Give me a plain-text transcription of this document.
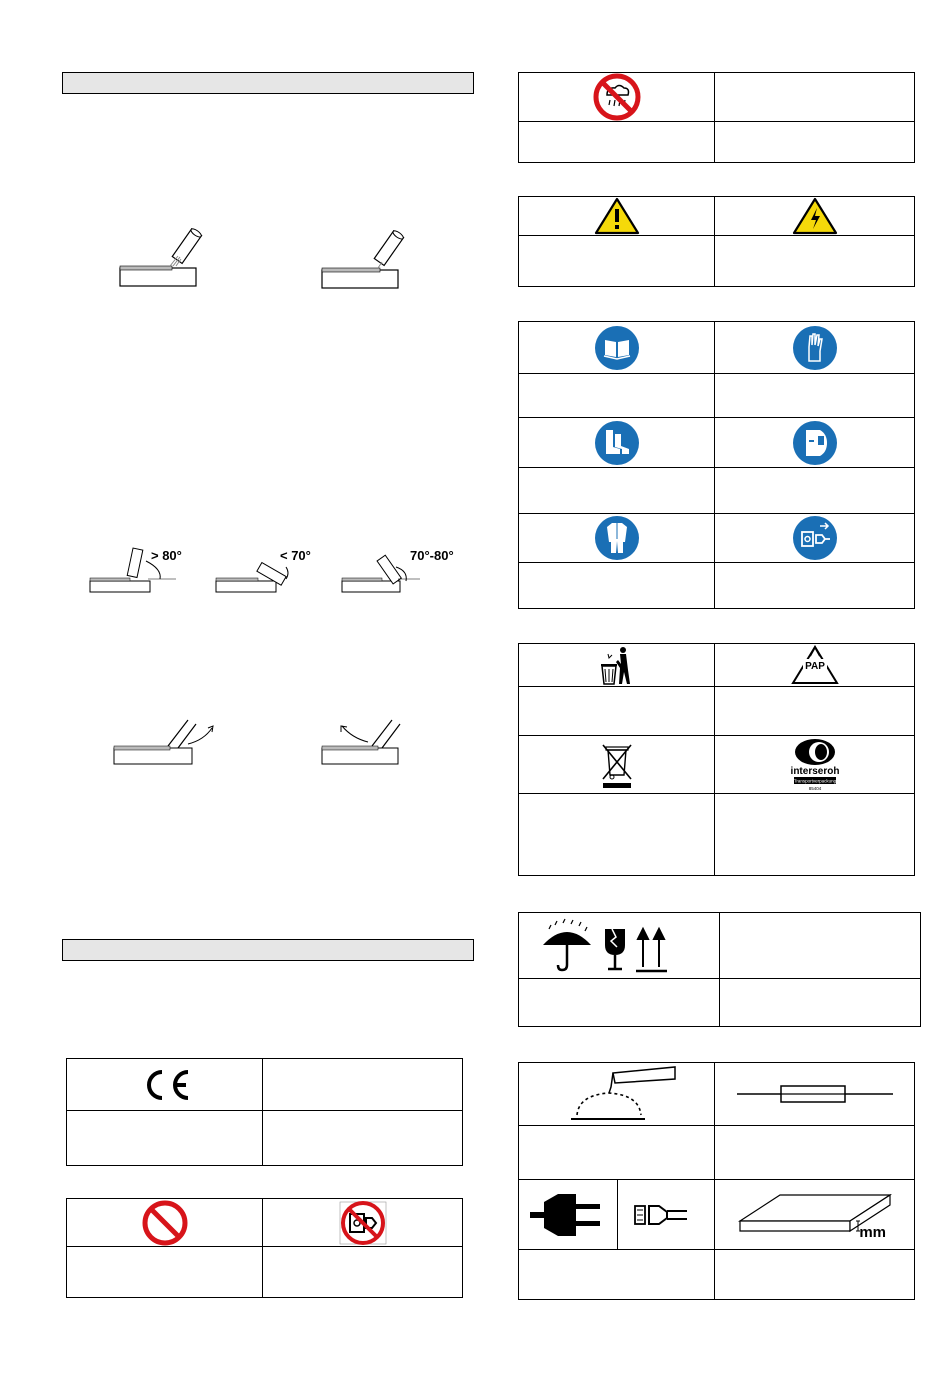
> 80°	< 70°	70°-80°

PAP

interseroh
Transportverpackung
85404

mm
